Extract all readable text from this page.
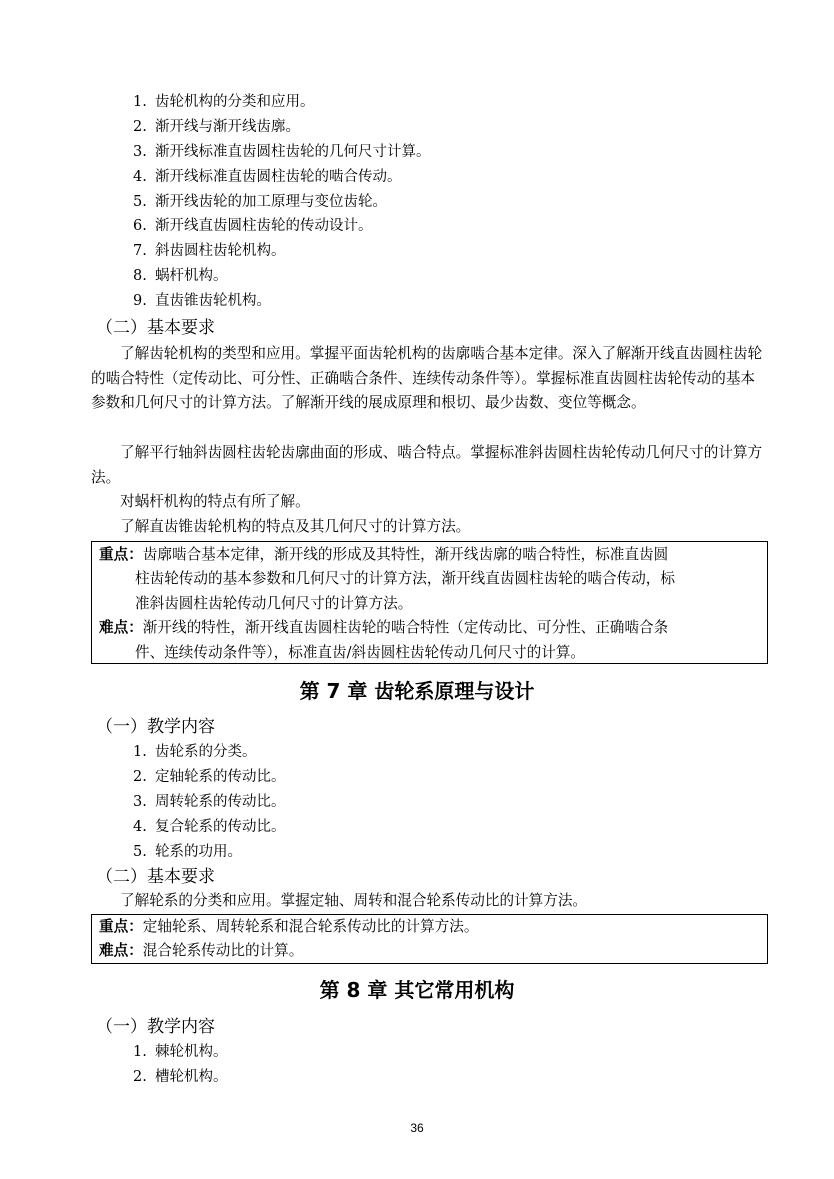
1. 齿轮机构的分类和应用。
2. 渐开线与渐开线齿廓。
3. 渐开线标准直齿圆柱齿轮的几何尺寸计算。
4. 渐开线标准直齿圆柱齿轮的啮合传动。
5. 渐开线齿轮的加工原理与变位齿轮。
6. 渐开线直齿圆柱齿轮的传动设计。
7. 斜齿圆柱齿轮机构。
8. 蜗杆机构。
9. 直齿锥齿轮机构。
（二）基本要求
了解齿轮机构的类型和应用。掌握平面齿轮机构的齿廓啮合基本定律。深入了解渐开线直齿圆柱齿轮的啮合特性（定传动比、可分性、正确啮合条件、连续传动条件等）。掌握标准直齿圆柱齿轮传动的基本参数和几何尺寸的计算方法。了解渐开线的展成原理和根切、最少齿数、变位等概念。
了解平行轴斜齿圆柱齿轮齿廓曲面的形成、啮合特点。掌握标准斜齿圆柱齿轮传动几何尺寸的计算方法。
对蜗杆机构的特点有所了解。
了解直齿锥齿轮机构的特点及其几何尺寸的计算方法。
重点：齿廓啮合基本定律，渐开线的形成及其特性，渐开线齿廓的啮合特性，标准直齿圆
柱齿轮传动的基本参数和几何尺寸的计算方法，渐开线直齿圆柱齿轮的啮合传动，标
准斜齿圆柱齿轮传动几何尺寸的计算方法。
难点：渐开线的特性，渐开线直齿圆柱齿轮的啮合特性（定传动比、可分性、正确啮合条
件、连续传动条件等），标准直齿/斜齿圆柱齿轮传动几何尺寸的计算。
第 7 章 齿轮系原理与设计
（一）教学内容
1. 齿轮系的分类。
2. 定轴轮系的传动比。
3. 周转轮系的传动比。
4. 复合轮系的传动比。
5. 轮系的功用。
（二）基本要求
了解轮系的分类和应用。掌握定轴、周转和混合轮系传动比的计算方法。
重点：定轴轮系、周转轮系和混合轮系传动比的计算方法。
难点：混合轮系传动比的计算。
第 8 章 其它常用机构
（一）教学内容
1. 棘轮机构。
2. 槽轮机构。
36
